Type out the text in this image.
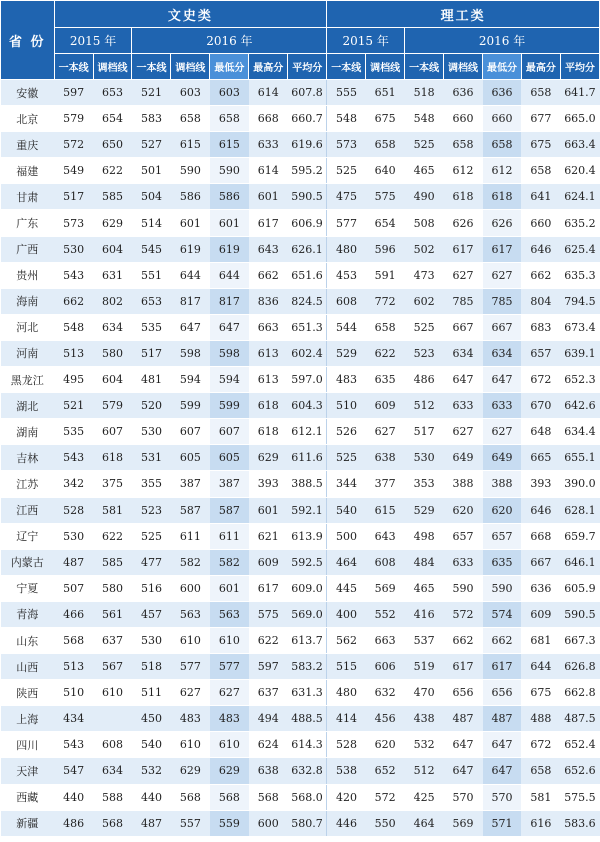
省 份	文史类							理工类						
	2015 年		2016 年					2015 年		2016 年				
	一本线	调档线	一本线	调档线	最低分	最高分	平均分	一本线	调档线	一本线	调档线	最低分	最高分	平均分
安徽	597	653	521	603	603	614	607.8	555	651	518	636	636	658	641.7
北京	579	654	583	658	658	668	660.7	548	675	548	660	660	677	665.0
重庆	572	650	527	615	615	633	619.6	573	658	525	658	658	675	663.4
福建	549	622	501	590	590	614	595.2	525	640	465	612	612	658	620.4
甘肃	517	585	504	586	586	601	590.5	475	575	490	618	618	641	624.1
广东	573	629	514	601	601	617	606.9	577	654	508	626	626	660	635.2
广西	530	604	545	619	619	643	626.1	480	596	502	617	617	646	625.4
贵州	543	631	551	644	644	662	651.6	453	591	473	627	627	662	635.3
海南	662	802	653	817	817	836	824.5	608	772	602	785	785	804	794.5
河北	548	634	535	647	647	663	651.3	544	658	525	667	667	683	673.4
河南	513	580	517	598	598	613	602.4	529	622	523	634	634	657	639.1
黑龙江	495	604	481	594	594	613	597.0	483	635	486	647	647	672	652.3
湖北	521	579	520	599	599	618	604.3	510	609	512	633	633	670	642.6
湖南	535	607	530	607	607	618	612.1	526	627	517	627	627	648	634.4
吉林	543	618	531	605	605	629	611.6	525	638	530	649	649	665	655.1
江苏	342	375	355	387	387	393	388.5	344	377	353	388	388	393	390.0
江西	528	581	523	587	587	601	592.1	540	615	529	620	620	646	628.1
辽宁	530	622	525	611	611	621	613.9	500	643	498	657	657	668	659.7
内蒙古	487	585	477	582	582	609	592.5	464	608	484	633	635	667	646.1
宁夏	507	580	516	600	601	617	609.0	445	569	465	590	590	636	605.9
青海	466	561	457	563	563	575	569.0	400	552	416	572	574	609	590.5
山东	568	637	530	610	610	622	613.7	562	663	537	662	662	681	667.3
山西	513	567	518	577	577	597	583.2	515	606	519	617	617	644	626.8
陕西	510	610	511	627	627	637	631.3	480	632	470	656	656	675	662.8
上海	434		450	483	483	494	488.5	414	456	438	487	487	488	487.5
四川	543	608	540	610	610	624	614.3	528	620	532	647	647	672	652.4
天津	547	634	532	629	629	638	632.8	538	652	512	647	647	658	652.6
西藏	440	588	440	568	568	568	568.0	420	572	425	570	570	581	575.5
新疆	486	568	487	557	559	600	580.7	446	550	464	569	571	616	583.6
